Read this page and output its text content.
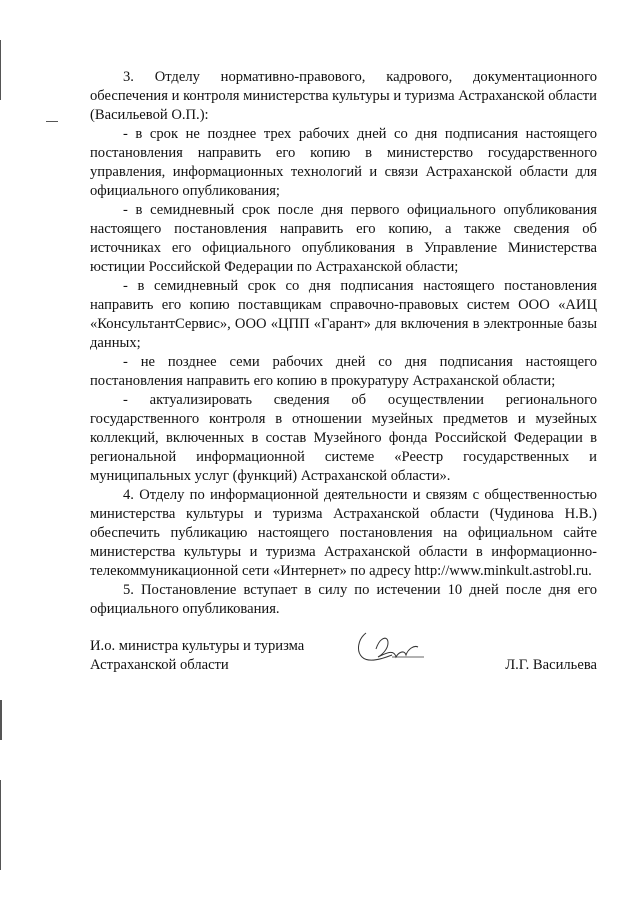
3. Отделу нормативно-правового, кадрового, документационного обеспечения и контроля министерства культуры и туризма Астраханской области (Васильевой О.П.):

- в срок не позднее трех рабочих дней со дня подписания настоящего постановления направить его копию в министерство государственного управления, информационных технологий и связи Астраханской области для официального опубликования;

- в семидневный срок после дня первого официального опубликования настоящего постановления направить его копию, а также сведения об источниках его официального опубликования в Управление Министерства юстиции Российской Федерации по Астраханской области;

- в семидневный срок со дня подписания настоящего постановления направить его копию поставщикам справочно-правовых систем ООО «АИЦ «КонсультантСервис», ООО «ЦПП «Гарант» для включения в электронные базы данных;

- не позднее семи рабочих дней со дня подписания настоящего постановления направить его копию в прокуратуру Астраханской области;

- актуализировать сведения об осуществлении регионального государственного контроля в отношении музейных предметов и музейных коллекций, включенных в состав Музейного фонда Российской Федерации в региональной информационной системе «Реестр государственных и муниципальных услуг (функций) Астраханской области».

4. Отделу по информационной деятельности и связям с общественностью министерства культуры и туризма Астраханской области (Чудинова Н.В.) обеспечить публикацию настоящего постановления на официальном сайте министерства культуры и туризма Астраханской области в информационно-телекоммуникационной сети «Интернет» по адресу http://www.minkult.astrobl.ru.

5. Постановление вступает в силу по истечении 10 дней после дня его официального опубликования.

И.о. министра культуры и туризма
Астраханской области	Л.Г. Васильева
